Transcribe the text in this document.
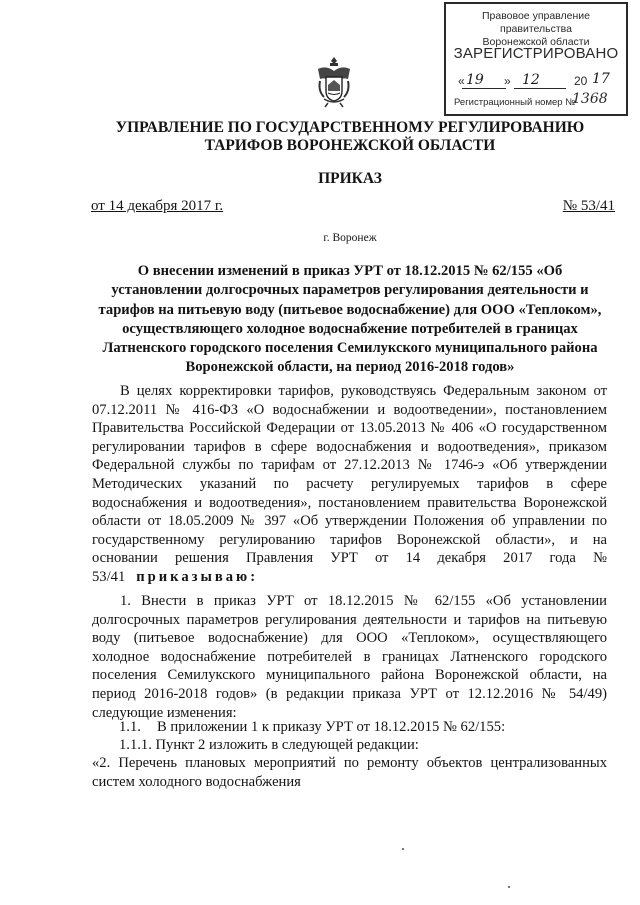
Правовое управление правительства
Воронежской области
ЗАРЕГИСТРИРОВАНО
« 19 » 12	20 17
Регистрационный номер №
1368
УПРАВЛЕНИЕ ПО ГОСУДАРСТВЕННОМУ РЕГУЛИРОВАНИЮ
ТАРИФОВ ВОРОНЕЖСКОЙ ОБЛАСТИ
ПРИКАЗ
от 14 декабря 2017 г.	№ 53/41
г. Воронеж
О внесении изменений в приказ УРТ от 18.12.2015 № 62/155 «Об установлении долгосрочных параметров регулирования деятельности и тарифов на питьевую воду (питьевое водоснабжение) для ООО «Теплоком», осуществляющего холодное водоснабжение потребителей в границах Латненского городского поселения Семилукского муниципального района Воронежской области, на период 2016-2018 годов»
В целях корректировки тарифов, руководствуясь Федеральным законом от 07.12.2011 № 416-ФЗ «О водоснабжении и водоотведении», постановлением Правительства Российской Федерации от 13.05.2013 № 406 «О государственном регулировании тарифов в сфере водоснабжения и водоотведения», приказом Федеральной службы по тарифам от 27.12.2013 № 1746-э «Об утверждении Методических указаний по расчету регулируемых тарифов в сфере водоснабжения и водоотведения», постановлением правительства Воронежской области от 18.05.2009 № 397 «Об утверждении Положения об управлении по государственному регулированию тарифов Воронежской области», и на основании решения Правления УРТ от 14 декабря 2017 года № 53/41 приказываю:
1. Внести в приказ УРТ от 18.12.2015 № 62/155 «Об установлении долгосрочных параметров регулирования деятельности и тарифов на питьевую воду (питьевое водоснабжение) для ООО «Теплоком», осуществляющего холодное водоснабжение потребителей в границах Латненского городского поселения Семилукского муниципального района Воронежской области, на период 2016-2018 годов» (в редакции приказа УРТ от 12.12.2016 № 54/49) следующие изменения:
1.1. В приложении 1 к приказу УРТ от 18.12.2015 № 62/155:
1.1.1. Пункт 2 изложить в следующей редакции:
«2. Перечень плановых мероприятий по ремонту объектов централизованных систем холодного водоснабжения
